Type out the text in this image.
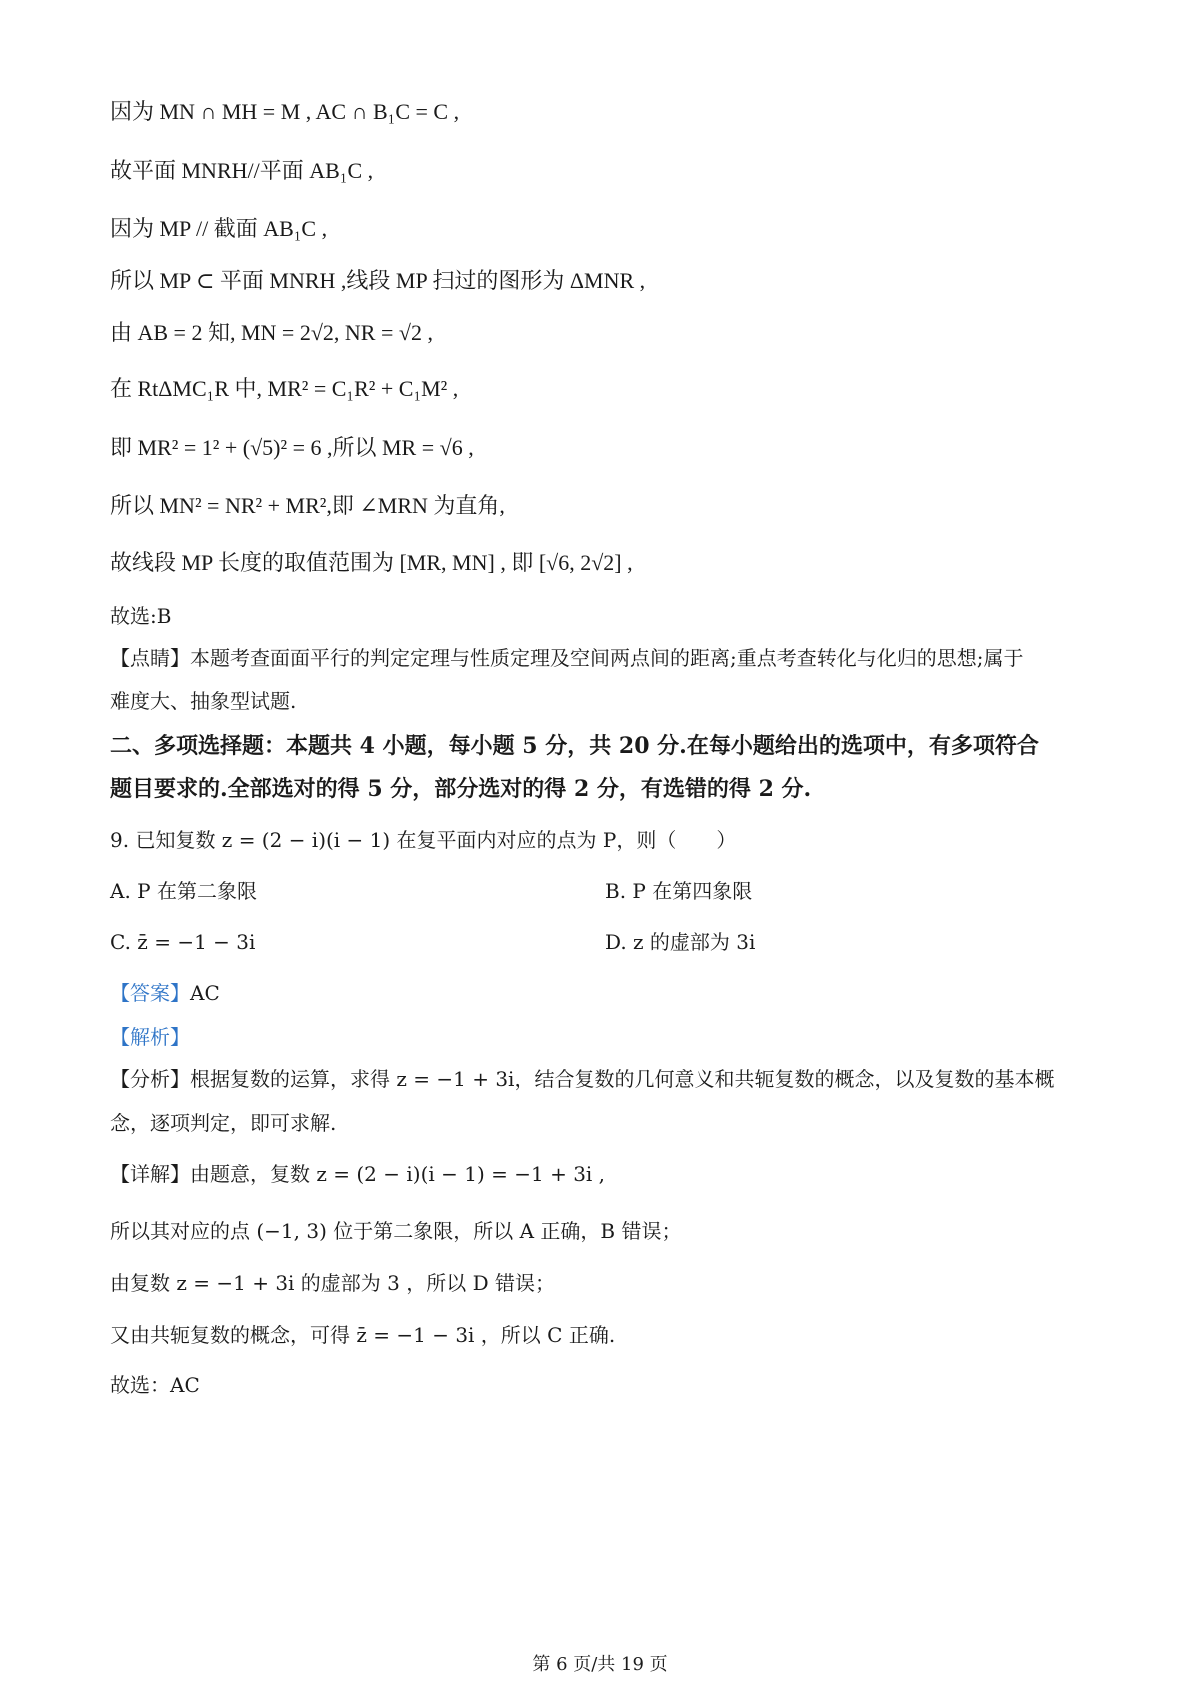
因为 MN ∩ MH = M , AC ∩ B₁C = C ,
故平面 MNRH//平面 AB₁C ,
因为 MP // 截面 AB₁C ,
所以 MP ⊂ 平面 MNRH ,线段 MP 扫过的图形为 ΔMNR ,
由 AB = 2 知, MN = 2√2, NR = √2 ,
在 RtΔMC₁R 中, MR² = C₁R² + C₁M² ,
即 MR² = 1² + (√5)² = 6 ,所以 MR = √6 ,
所以 MN² = NR² + MR²,即 ∠MRN 为直角,
故线段 MP 长度的取值范围为 [MR, MN] , 即 [√6, 2√2] ,
故选:B
【点睛】本题考查面面平行的判定定理与性质定理及空间两点间的距离;重点考查转化与化归的思想;属于
难度大、抽象型试题.
二、多项选择题：本题共 4 小题，每小题 5 分，共 20 分.在每小题给出的选项中，有多项符合
题目要求的.全部选对的得 5 分，部分选对的得 2 分，有选错的得 2 分.
9. 已知复数 z = (2 − i)(i − 1) 在复平面内对应的点为 P，则（　　）
A. P 在第二象限	B. P 在第四象限
C. z̄ = −1 − 3i	D. z 的虚部为 3i
【答案】AC
【解析】
【分析】根据复数的运算，求得 z = −1 + 3i，结合复数的几何意义和共轭复数的概念，以及复数的基本概
念，逐项判定，即可求解.
【详解】由题意，复数 z = (2 − i)(i − 1) = −1 + 3i ,
所以其对应的点 (−1, 3) 位于第二象限，所以 A 正确，B 错误；
由复数 z = −1 + 3i 的虚部为 3 ，所以 D 错误；
又由共轭复数的概念，可得 z̄ = −1 − 3i ，所以 C 正确.
故选：AC
第 6 页/共 19 页
